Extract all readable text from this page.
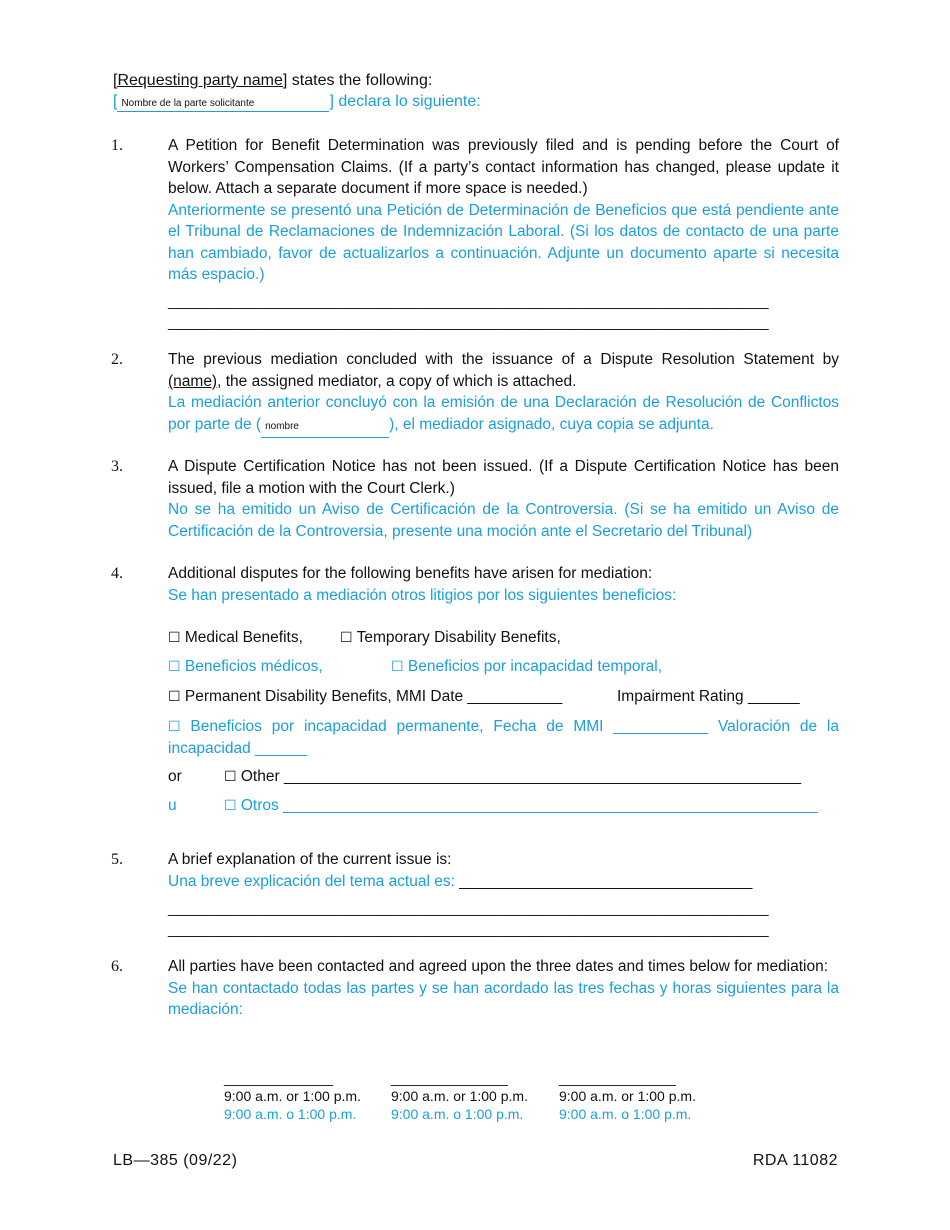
[Requesting party name] states the following:
[ Nombre de la parte solicitante	] declara lo siguiente:
1.	A Petition for Benefit Determination was previously filed and is pending before the Court of Workers’ Compensation Claims. (If a party’s contact information has changed, please update it below. Attach a separate document if more space is needed.)
Anteriormente se presentó una Petición de Determinación de Beneficios que está pendiente ante el Tribunal de Reclamaciones de Indemnización Laboral. (Si los datos de contacto de una parte han cambiado, favor de actualizarlos a continuación. Adjunte un documento aparte si necesita más espacio.)
________________________________________________________________________
________________________________________________________________________
2.	The previous mediation concluded with the issuance of a Dispute Resolution Statement by (name), the assigned mediator, a copy of which is attached.
La mediación anterior concluyó con la emisión de una Declaración de Resolución de Conflictos por parte de ( nombre	), el mediador asignado, cuya copia se adjunta.
3.	A Dispute Certification Notice has not been issued. (If a Dispute Certification Notice has been issued, file a motion with the Court Clerk.)
No se ha emitido un Aviso de Certificación de la Controversia. (Si se ha emitido un Aviso de Certificación de la Controversia, presente una moción ante el Secretario del Tribunal)
4.	Additional disputes for the following benefits have arisen for mediation:
Se han presentado a mediación otros litigios por los siguientes beneficios:
☐ Medical Benefits,	☐ Temporary Disability Benefits,
☐ Beneficios médicos,	☐ Beneficios por incapacidad temporal,
☐ Permanent Disability Benefits, MMI Date ___________	Impairment Rating ______
☐ Beneficios por incapacidad permanente, Fecha de MMI ___________ Valoración de la incapacidad ______
or	☐ Other ____________________________________________________________
u	☐ Otros ______________________________________________________________
5.	A brief explanation of the current issue is:
Una breve explicación del tema actual es: __________________________________
________________________________________________________________________
________________________________________________________________________
6.	All parties have been contacted and agreed upon the three dates and times below for mediation:
Se han contactado todas las partes y se han acordado las tres fechas y horas siguientes para la mediación:
______________
9:00 a.m. or 1:00 p.m.
9:00 a.m. o 1:00 p.m.
_______________
9:00 a.m. or 1:00 p.m.
9:00 a.m. o 1:00 p.m.
_______________
9:00 a.m. or 1:00 p.m.
9:00 a.m. o 1:00 p.m.
LB—385 (09/22)	RDA 11082
